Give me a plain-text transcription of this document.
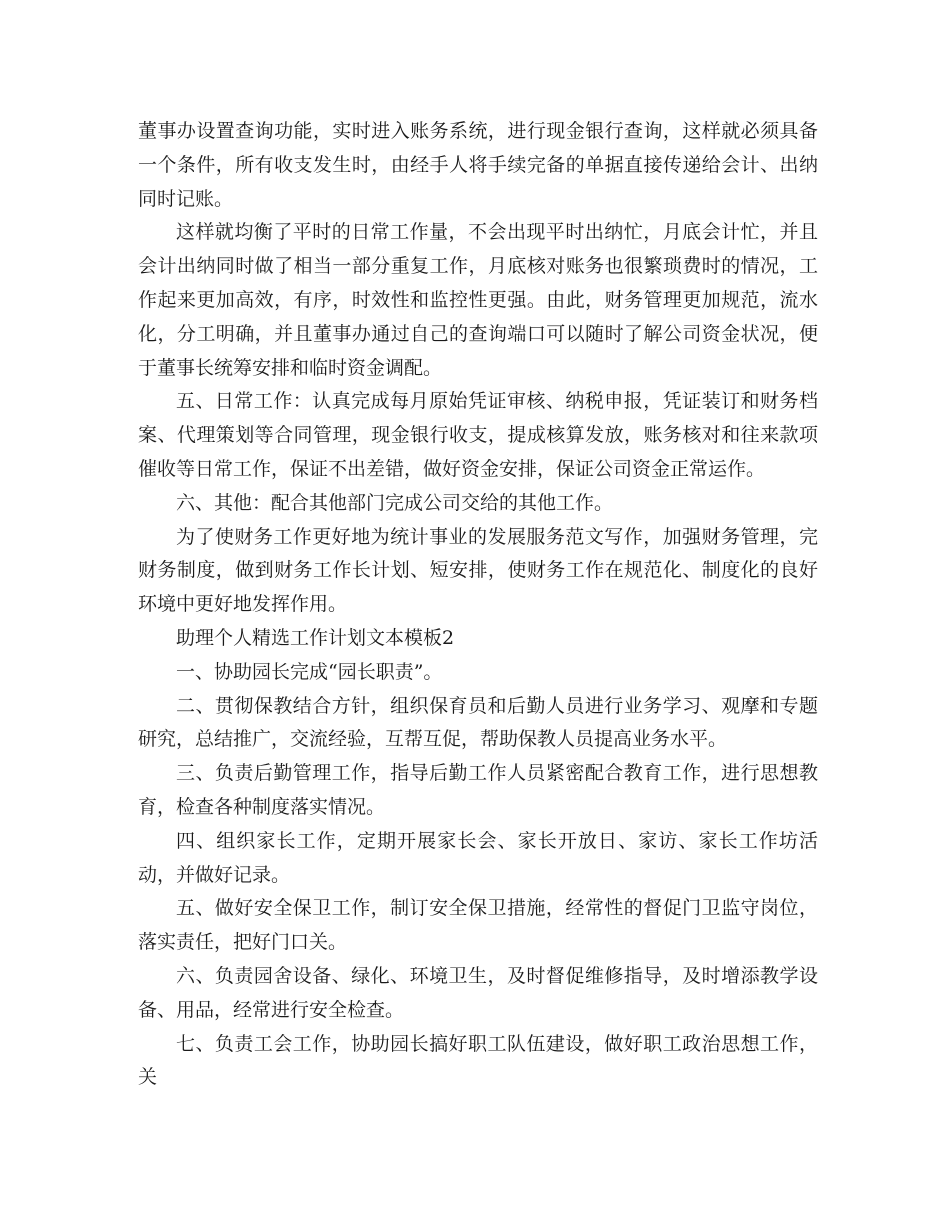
董事办设置查询功能，实时进入账务系统，进行现金银行查询，这样就必须具备一个条件，所有收支发生时，由经手人将手续完备的单据直接传递给会计、出纳同时记账。

这样就均衡了平时的日常工作量，不会出现平时出纳忙，月底会计忙，并且会计出纳同时做了相当一部分重复工作，月底核对账务也很繁琐费时的情况，工作起来更加高效，有序，时效性和监控性更强。由此，财务管理更加规范，流水化，分工明确，并且董事办通过自己的查询端口可以随时了解公司资金状况，便于董事长统筹安排和临时资金调配。

五、日常工作：认真完成每月原始凭证审核、纳税申报，凭证装订和财务档案、代理策划等合同管理，现金银行收支，提成核算发放，账务核对和往来款项催收等日常工作，保证不出差错，做好资金安排，保证公司资金正常运作。

六、其他：配合其他部门完成公司交给的其他工作。

为了使财务工作更好地为统计事业的发展服务范文写作，加强财务管理，完财务制度，做到财务工作长计划、短安排，使财务工作在规范化、制度化的良好环境中更好地发挥作用。

助理个人精选工作计划文本模板2

一、协助园长完成“园长职责”。

二、贯彻保教结合方针，组织保育员和后勤人员进行业务学习、观摩和专题研究，总结推广，交流经验，互帮互促，帮助保教人员提高业务水平。

三、负责后勤管理工作，指导后勤工作人员紧密配合教育工作，进行思想教育，检查各种制度落实情况。

四、组织家长工作，定期开展家长会、家长开放日、家访、家长工作坊活动，并做好记录。

五、做好安全保卫工作，制订安全保卫措施，经常性的督促门卫监守岗位，落实责任，把好门口关。

六、负责园舍设备、绿化、环境卫生，及时督促维修指导，及时增添教学设备、用品，经常进行安全检查。

七、负责工会工作，协助园长搞好职工队伍建设，做好职工政治思想工作，关
